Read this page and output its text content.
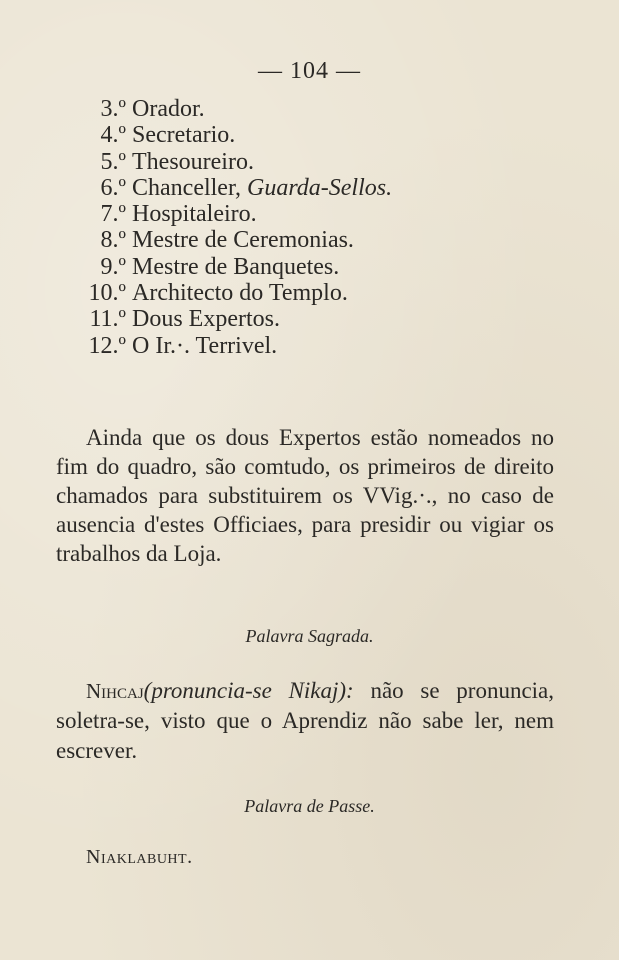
— 104 —
3.º Orador.
4.º Secretario.
5.º Thesoureiro.
6.º Chanceller, Guarda-Sellos.
7.º Hospitaleiro.
8.º Mestre de Ceremonias.
9.º Mestre de Banquetes.
10.º Architecto do Templo.
11.º Dous Expertos.
12.º O Ir.·. Terrivel.

Ainda que os dous Expertos estão nomeados no fim do quadro, são comtudo, os primeiros de direito chamados para substituirem os VVig.·., no caso de ausencia d'estes Officiaes, para presidir ou vigiar os trabalhos da Loja.

Palavra Sagrada.

Nihcaj(pronuncia-se Nikaj): não se pronuncia, soletra-se, visto que o Aprendiz não sabe ler, nem escrever.

Palavra de Passe.
Niaklabuht.
